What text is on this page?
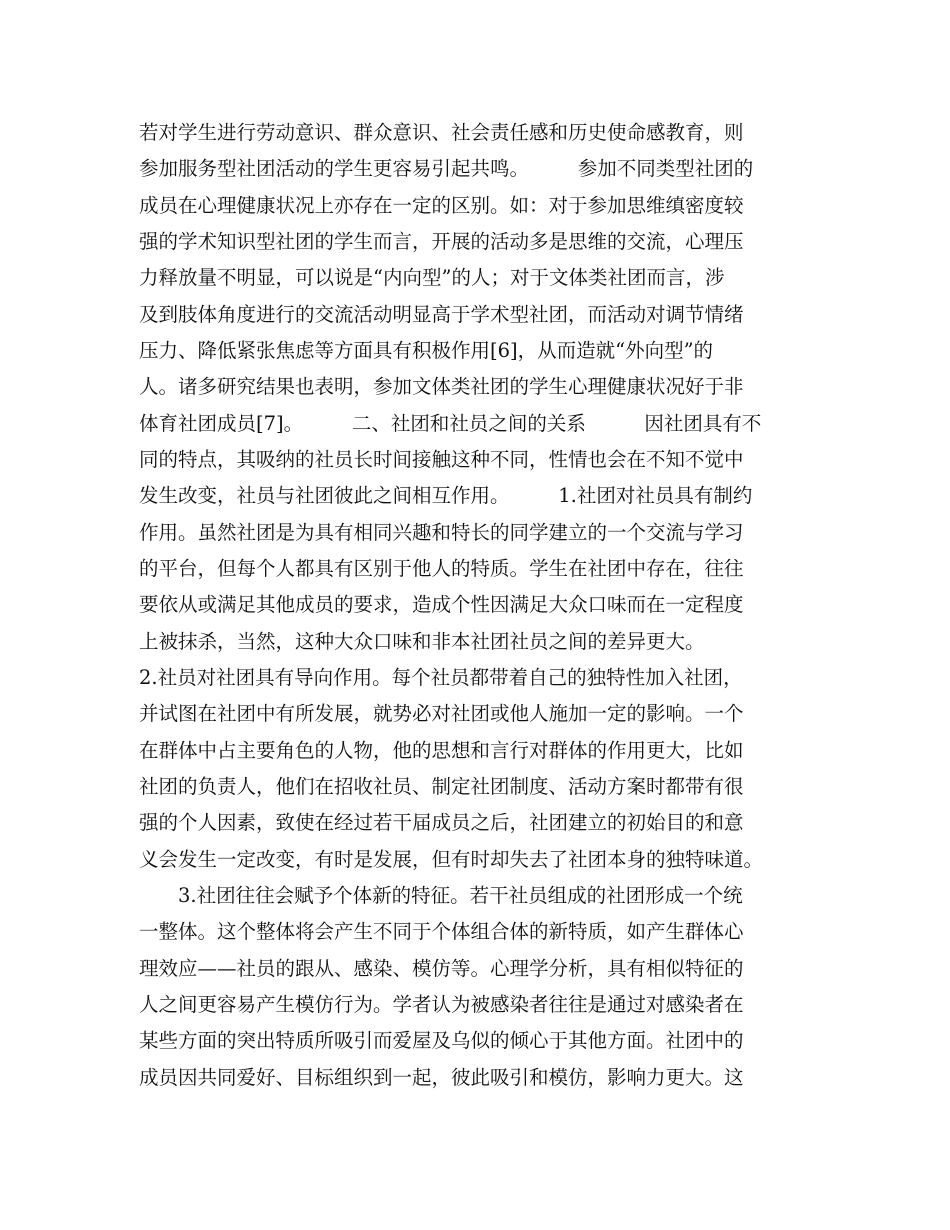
若对学生进行劳动意识、群众意识、社会责任感和历史使命感教育，则
参加服务型社团活动的学生更容易引起共鸣。　　　参加不同类型社团的
成员在心理健康状况上亦存在一定的区别。如：对于参加思维缜密度较
强的学术知识型社团的学生而言，开展的活动多是思维的交流，心理压
力释放量不明显，可以说是“内向型”的人；对于文体类社团而言，涉
及到肢体角度进行的交流活动明显高于学术型社团，而活动对调节情绪
压力、降低紧张焦虑等方面具有积极作用[6]，从而造就“外向型”的
人。诸多研究结果也表明，参加文体类社团的学生心理健康状况好于非
体育社团成员[7]。　　　二、社团和社员之间的关系　　　因社团具有不
同的特点，其吸纳的社员长时间接触这种不同，性情也会在不知不觉中
发生改变，社员与社团彼此之间相互作用。　　　1.社团对社员具有制约
作用。虽然社团是为具有相同兴趣和特长的同学建立的一个交流与学习
的平台，但每个人都具有区别于他人的特质。学生在社团中存在，往往
要依从或满足其他成员的要求，造成个性因满足大众口味而在一定程度
上被抹杀，当然，这种大众口味和非本社团社员之间的差异更大。
2.社员对社团具有导向作用。每个社员都带着自己的独特性加入社团，
并试图在社团中有所发展，就势必对社团或他人施加一定的影响。一个
在群体中占主要角色的人物，他的思想和言行对群体的作用更大，比如
社团的负责人，他们在招收社员、制定社团制度、活动方案时都带有很
强的个人因素，致使在经过若干届成员之后，社团建立的初始目的和意
义会发生一定改变，有时是发展，但有时却失去了社团本身的独特味道。
　　3.社团往往会赋予个体新的特征。若干社员组成的社团形成一个统
一整体。这个整体将会产生不同于个体组合体的新特质，如产生群体心
理效应——社员的跟从、感染、模仿等。心理学分析，具有相似特征的
人之间更容易产生模仿行为。学者认为被感染者往往是通过对感染者在
某些方面的突出特质所吸引而爱屋及乌似的倾心于其他方面。社团中的
成员因共同爱好、目标组织到一起，彼此吸引和模仿，影响力更大。这
